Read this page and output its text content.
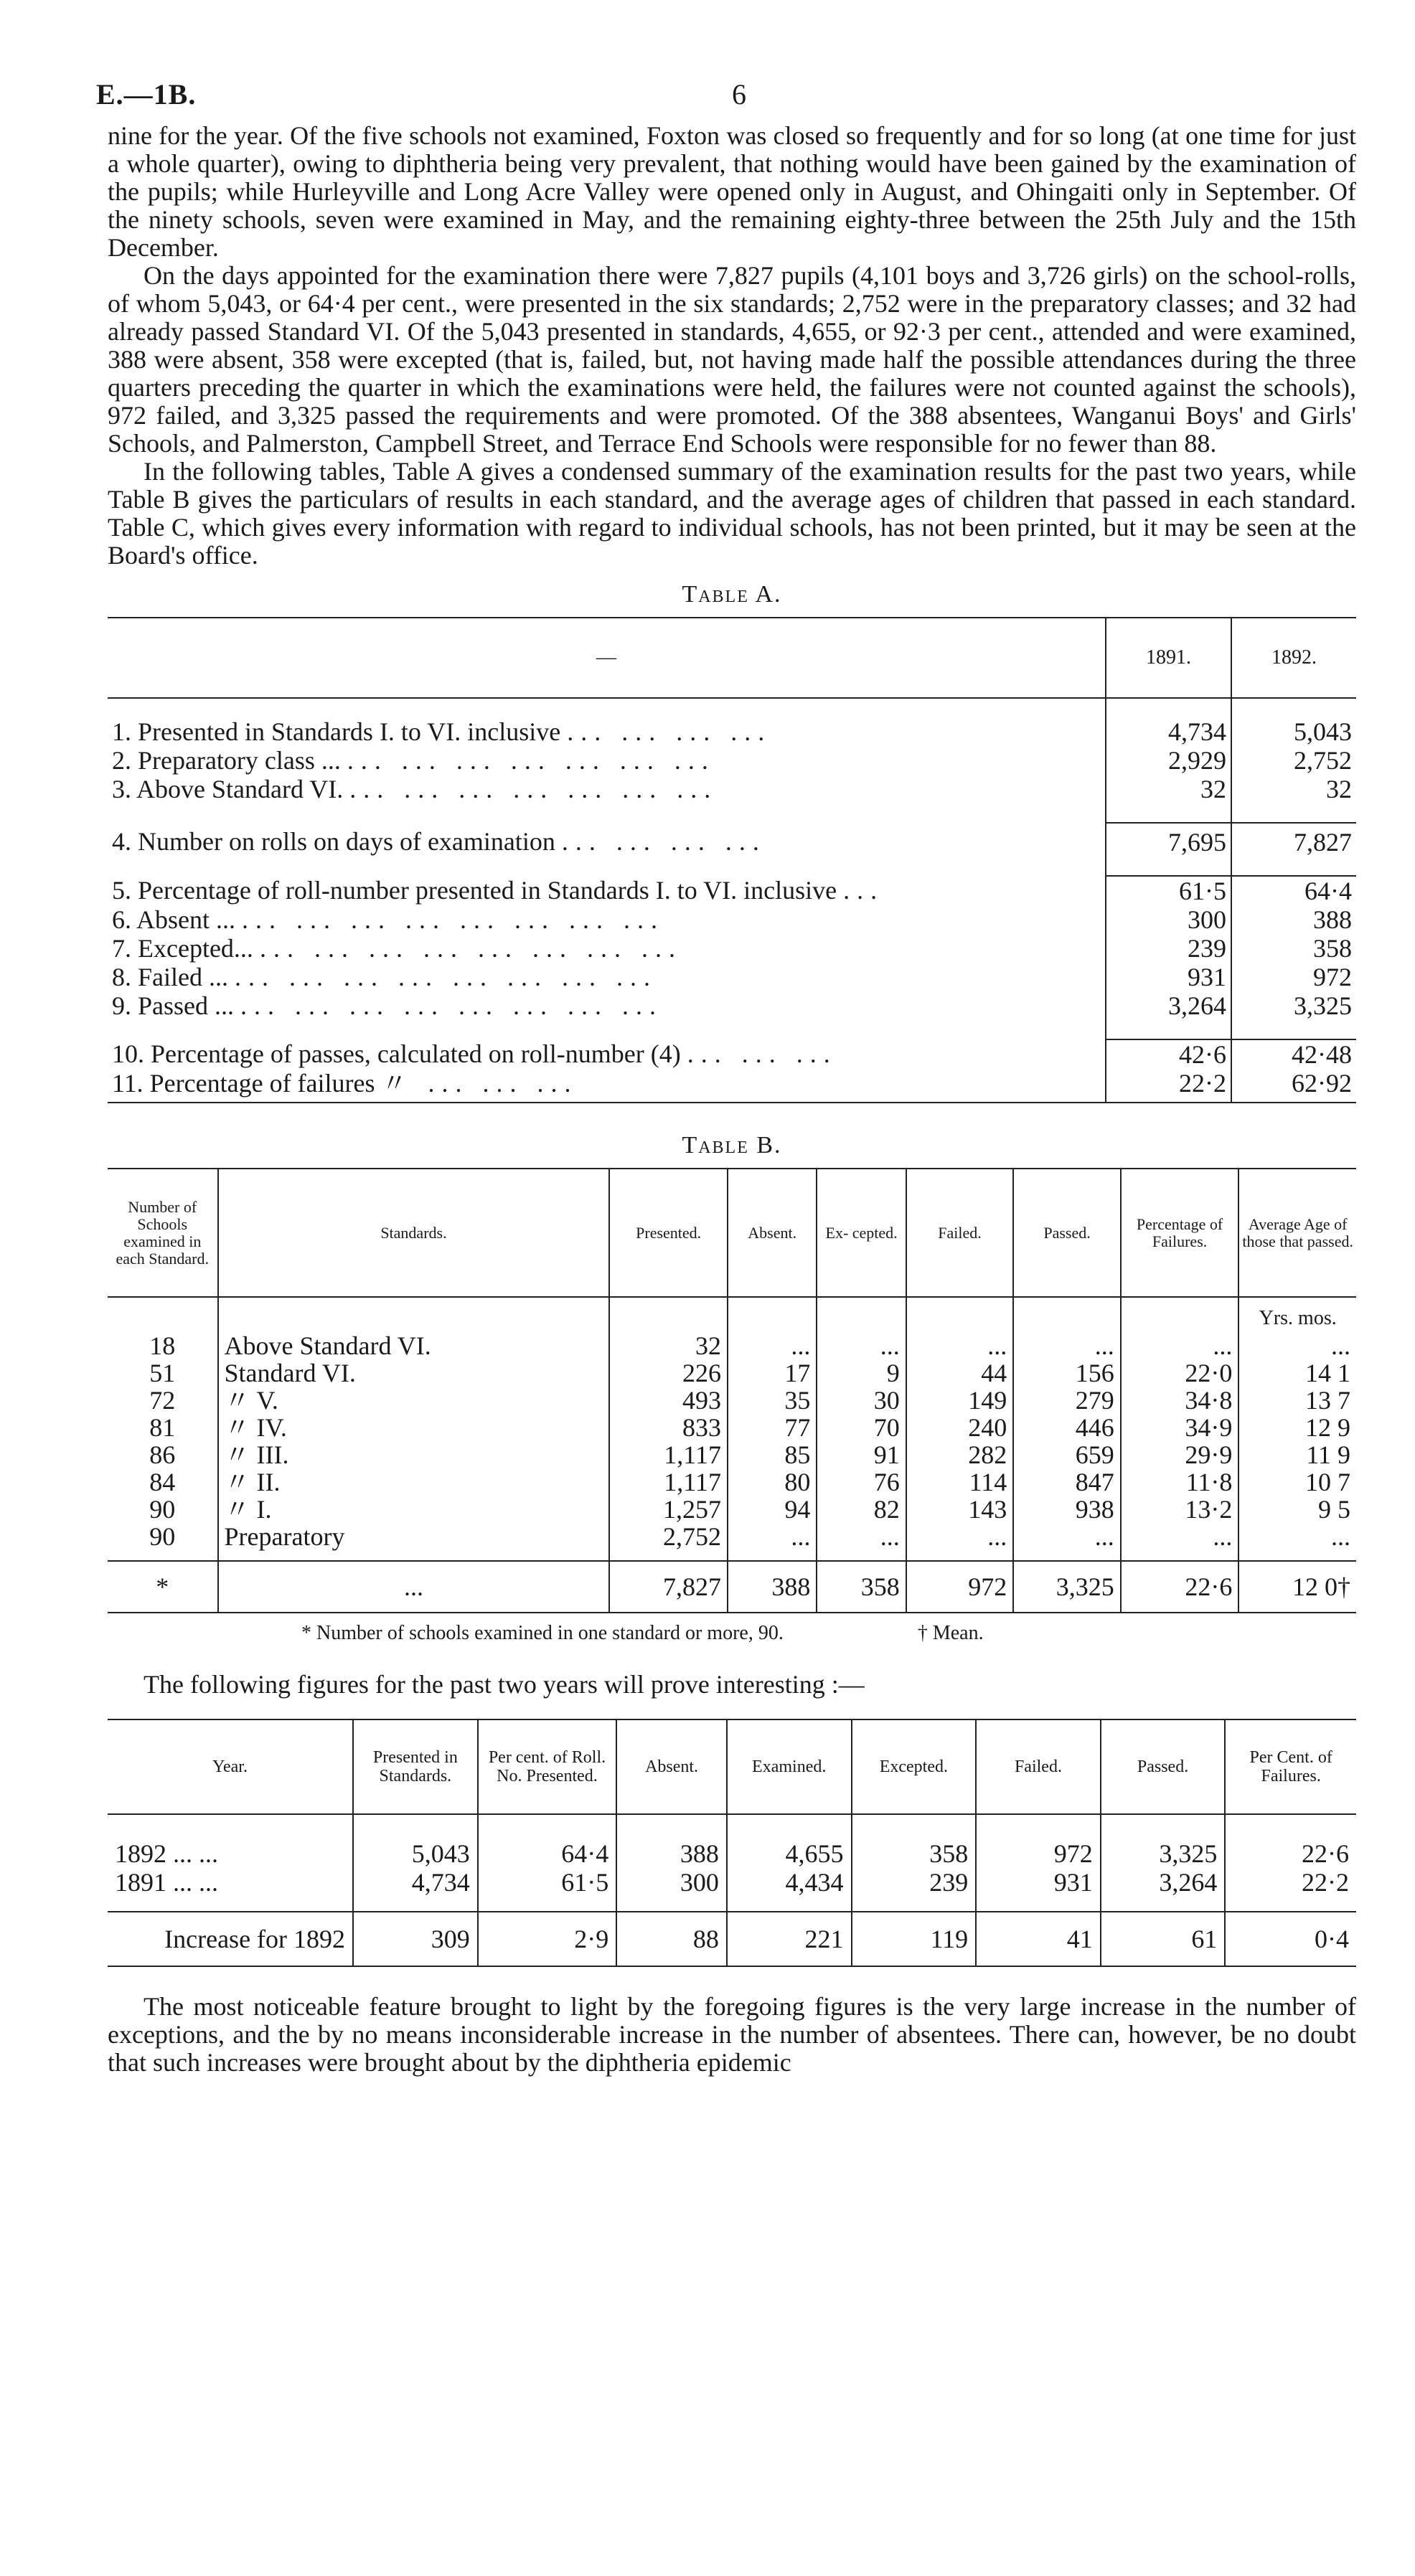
E.—1B.	6

nine for the year. Of the five schools not examined, Foxton was closed so frequently and for so long (at one time for just a whole quarter), owing to diphtheria being very prevalent, that nothing would have been gained by the examination of the pupils; while Hurleyville and Long Acre Valley were opened only in August, and Ohingaiti only in September. Of the ninety schools, seven were examined in May, and the remaining eighty-three between the 25th July and the 15th December.

On the days appointed for the examination there were 7,827 pupils (4,101 boys and 3,726 girls) on the school-rolls, of whom 5,043, or 64·4 per cent., were presented in the six standards; 2,752 were in the preparatory classes; and 32 had already passed Standard VI. Of the 5,043 presented in standards, 4,655, or 92·3 per cent., attended and were examined, 388 were absent, 358 were excepted (that is, failed, but, not having made half the possible attendances during the three quarters preceding the quarter in which the examinations were held, the failures were not counted against the schools), 972 failed, and 3,325 passed the requirements and were promoted. Of the 388 absentees, Wanganui Boys' and Girls' Schools, and Palmerston, Campbell Street, and Terrace End Schools were responsible for no fewer than 88.

In the following tables, Table A gives a condensed summary of the examination results for the past two years, while Table B gives the particulars of results in each standard, and the average ages of children that passed in each standard. Table C, which gives every information with regard to individual schools, has not been printed, but it may be seen at the Board's office.

Table A.
—	1891.	1892.

1. Presented in Standards I. to VI. inclusive ... ... ... ...	4,734	5,043
2. Preparatory class ... ... ... ... ... ... ... ...	2,929	2,752
3. Above Standard VI. ... ... ... ... ... ... ...	32	32

4. Number on rolls on days of examination ... ... ... ...	7,695	7,827

5. Percentage of roll-number presented in Standards I. to VI. inclusive ...	61·5	64·4
6. Absent ... ... ... ... ... ... ... ... ...	300	388
7. Excepted... ... ... ... ... ... ... ... ...	239	358
8. Failed ... ... ... ... ... ... ... ... ...	931	972
9. Passed ... ... ... ... ... ... ... ... ...	3,264	3,325

10. Percentage of passes, calculated on roll-number (4) ... ... ...	42·6	42·48
11. Percentage of failures 〃 ... ... ...	22·2	62·92
Table B.
Number of Schools examined in each Standard.	Standards.	Presented.	Absent.	Ex- cepted.	Failed.	Passed.	Percentage of Failures.	Average Age of those that passed.
								Yrs. mos.
18	Above Standard VI.	32	...	...	...	...	...	...
51	Standard VI.	226	17	9	44	156	22·0	14 1
72	〃 V.	493	35	30	149	279	34·8	13 7
81	〃 IV.	833	77	70	240	446	34·9	12 9
86	〃 III.	1,117	85	91	282	659	29·9	11 9
84	〃 II.	1,117	80	76	114	847	11·8	10 7
90	〃 I.	1,257	94	82	143	938	13·2	9 5
90	Preparatory	2,752	...	...	...	...	...	...
*	...	7,827	388	358	972	3,325	22·6	12 0†
* Number of schools examined in one standard or more, 90.	† Mean.

The following figures for the past two years will prove interesting :—

Year.	Presented in Standards.	Per cent. of Roll. No. Presented.	Absent.	Examined.	Excepted.	Failed.	Passed.	Per Cent. of Failures.
1892 ... ...	5,043	64·4	388	4,655	358	972	3,325	22·6
1891 ... ...	4,734	61·5	300	4,434	239	931	3,264	22·2
Increase for 1892	309	2·9	88	221	119	41	61	0·4

The most noticeable feature brought to light by the foregoing figures is the very large increase in the number of exceptions, and the by no means inconsiderable increase in the number of absentees. There can, however, be no doubt that such increases were brought about by the diphtheria epidemic
